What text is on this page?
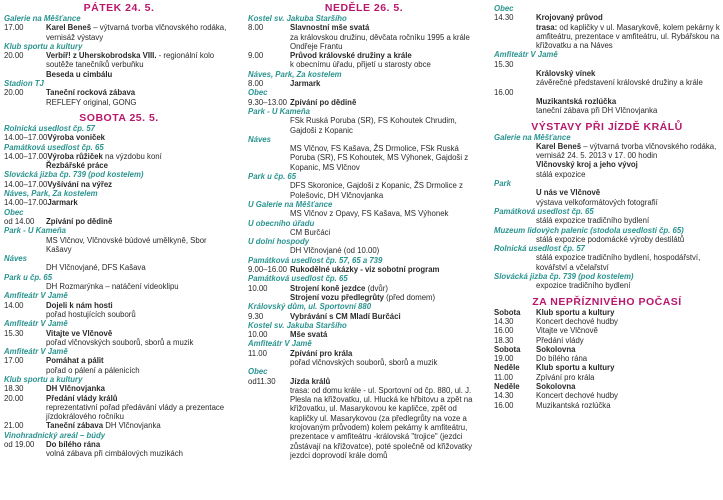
PÁTEK 24. 5.
Galerie na Měšťance
17.00	Karel Beneš – výtvarná tvorba vlčnovského rodáka, vernisáž výstavy
Klub sportu a kultury
20.00	Verbíř! z Uherskobrodska VIII. - regionální kolo soutěže tanečníků verbuňku
Beseda u cimbálu
Stadion TJ
20.00	Taneční rocková zábava
REFLEFY original, GONG
SOBOTA 25. 5.
Rolnická usedlost čp. 57
14.00–17.00 Výroba voniček
Památková usedlost čp. 65
14.00–17.00 Výroba růžiček na výzdobu koní
Řezbářské práce
Slovácká jizba čp. 739 (pod kostelem)
14.00–17.00 Vyšívání na výřez
Náves, Park, Za kostelem
14.00–17.00 Jarmark
Obec
od 14.00	Zpívání po dědině
Park - U Kameňa
MS Vlčnov, Vlčnovské búdové umělkyně, Sbor Kašavy
Náves
DH Vlčnovjané, DFS Kašava
Park u čp. 65
DH Rozmarýnka – natáčení videoklipu
Amfiteátr V Jamě
14.00	Dojeli k nám hosti
pořad hostujících souborů
Amfiteátr V Jamě
15.30	Vitajte ve Vlčnově
pořad vlčnovských souborů, sborů a muzik
Amfiteátr V Jamě
17.00	Pomáhat a pálit
pořad o pálení a pálenicích
Klub sportu a kultury
18.30	DH Vlčnovjanka
20.00	Předání vlády králů
reprezentativní pořad předávání vlády a prezentace jízdokrálového ročníku
21.00	Taneční zábava DH Vlčnovjanka
Vinohradnický areál – búdy
od 19.00	Do bílého rána
volná zábava při cimbálových muzikách
NEDĚLE 26. 5.
Kostel sv. Jakuba Staršího
8.00	Slavnostní mše svatá
za královskou družinu, děvčata ročníku 1995 a krále Ondřeje Frantu
9.00	Průvod královské družiny a krále
k obecnímu úřadu, přijetí u starosty obce
Náves, Park, Za kostelem
8.00	Jarmark
Obec
9.30–13.00 Zpívání po dědině
Park - U Kameňa
FSk Ruská Poruba (SR), FS Kohoutek Chrudim, Gajdoši z Kopanic
Náves
MS Vlčnov, FS Kašava, ŽS Drmolice, FSk Ruská Poruba (SR), FS Kohoutek, MS Výhonek, Gajdoši z Kopanic, MS Vlčnov
Park u čp. 65
DFS Skoronice, Gajdoši z Kopanic, ŽS Drmolice z Polešovic, DH Vlčnovjanka
U Galerie na Měšťance
MS Vlčnov z Opavy, FS Kašava, MS Výhonek
U obecního úřadu
CM Burčáci
U dolní hospody
DH Vlčnovjané (od 10.00)
Památková usedlost čp. 57, 65 a 739
9.00–16.00 Rukodělné ukázky - viz sobotní program
Památková usedlost čp. 65
10.00	Strojení koně jezdce (dvůr)
Strojení vozu předlegrůty (před domem)
Královský dům, ul. Sportovní 880
9.30	Vybrávání s CM Mladí Burčáci
Kostel sv. Jakuba Staršího
10.00	Mše svatá
Amfiteátr V Jamě
11.00	Zpívání pro krála
pořad vlčnovských souborů, sborů a muzik
Obec
od11.30	Jízda králů
trasa: od domu krále - ul. Sportovní od čp. 880, ul. J. Plesla na křižovatku, ul. Hlucká ke hřbitovu a zpět na křižovatku, ul. Masarykovou ke kapličce, zpět od kapličky ul. Masarykovou (za předlegrůty na voze a krojovaným průvodem) kolem pekárny k amfiteátru, prezentace v amfiteátru -královská "trojice" (jezdci zůstávají na křižovatce), poté společně od křižovatky jezdci doprovodí krále domů
Obec
14.30	Krojovaný průvod
trasa: od kapličky v ul. Masarykově, kolem pekárny k amfiteátru, prezentace v amfiteátru, ul. Rybářskou na křižovatku a na Náves
Amfiteátr V Jamě
15.30
Královský vínek
závěrečné představení královské družiny a krále
16.00
Muzikantská rozlúčka
taneční zábava při DH Vlčnovjanka
VÝSTAVY PŘI JÍZDĚ KRÁLŮ
Galerie na Měšťance
Karel Beneš – výtvarná tvorba vlčnovského rodáka, vernisáž 24. 5. 2013 v 17. 00 hodin
Vlčnovský kroj a jeho vývoj
stálá expozice
Park
U nás ve Vlčnově
výstava velkoformátových fotografií
Památková usedlost čp. 65
stálá expozice tradičního bydlení
Muzeum lidových palenic (stodola usedlosti čp. 65)
stálá expozice podomácké výroby destilátů
Rolnická usedlost čp. 57
stálá expozice tradičního bydlení, hospodářství, kovářství a včelařství
Slovácká jizba čp. 739 (pod kostelem)
expozice tradičního bydlení
ZA NEPŘÍZNIVÉHO POČASÍ
Sobota	Klub sportu a kultury
14.30	Koncert dechové hudby
16.00	Vitajte ve Vlčnově
18.30	Předání vlády
Sobota	Sokolovna
19.00	Do bílého rána
Neděle	Klub sportu a kultury
11.00	Zpívání pro krála
Neděle	Sokolovna
14.30	Koncert dechové hudby
16.00	Muzikantská rozlúčka
